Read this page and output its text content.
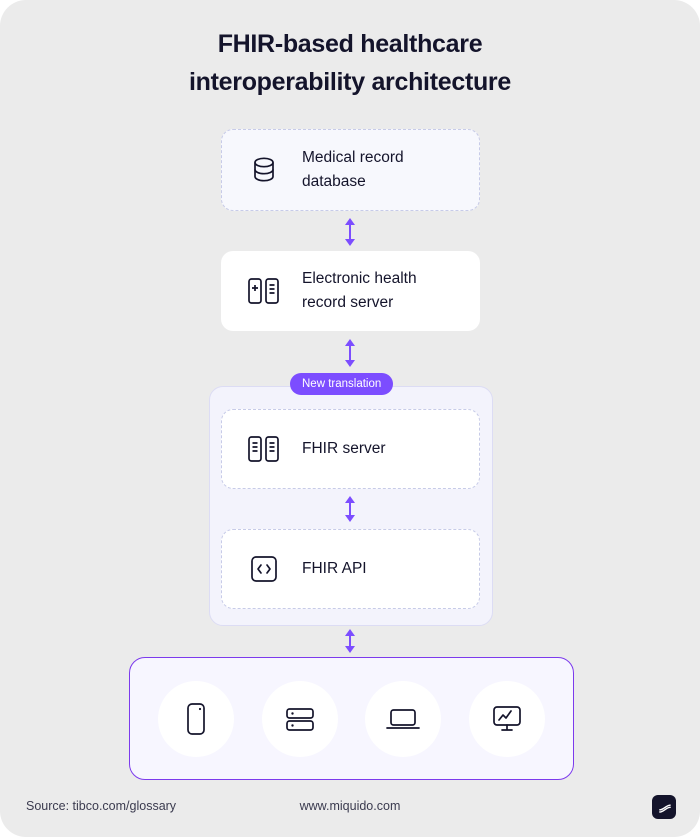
FHIR-based healthcare
interoperability architecture
Medical record
database
Electronic health
record server
New translation
FHIR server
FHIR API
Source: tibco.com/glossary	www.miquido.com
